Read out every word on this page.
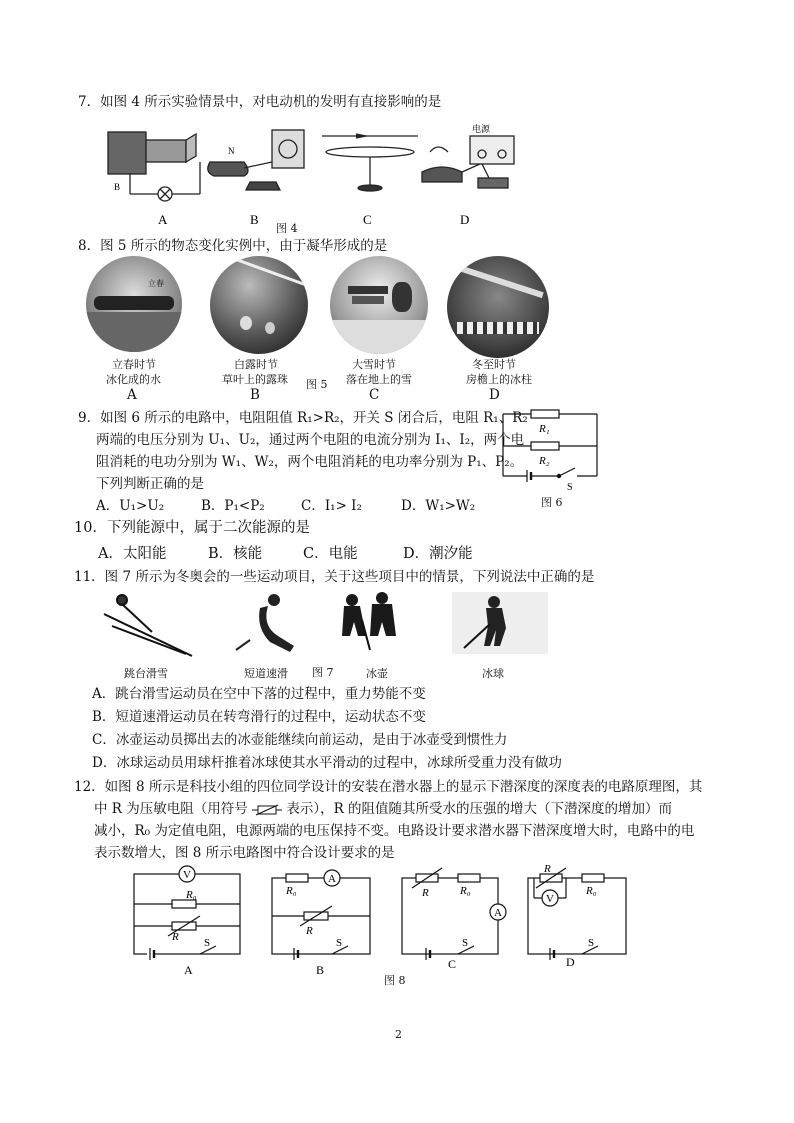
7．如图 4 所示实验情景中，对电动机的发明有直接影响的是
B
A
N
B	C
电源
D
图 4
8．图 5 所示的物态变化实例中，由于凝华形成的是
立春
立春时节
冰化成的水
A
白露时节
草叶上的露珠
B
图 5
大雪时节
落在地上的雪
C
冬至时节
房檐上的冰柱
D
9．如图 6 所示的电路中，电阻阻值 R₁>R₂，开关 S 闭合后，电阻 R₁、R₂
两端的电压分别为 U₁、U₂，通过两个电阻的电流分别为 I₁、I₂，两个电
阻消耗的电功分别为 W₁、W₂，两个电阻消耗的电功率分别为 P₁、P₂。
下列判断正确的是
A．U₁>U₂	B．P₁<P₂	C．I₁> I₂	D．W₁>W₂
R₁
R₂
S
图 6
10．下列能源中，属于二次能源的是
A．太阳能	B．核能	C．电能	D．潮汐能
11．图 7 所示为冬奥会的一些运动项目，关于这些项目中的情景，下列说法中正确的是
跳台滑雪	短道速滑 图 7	冰壶	冰球
A．跳台滑雪运动员在空中下落的过程中，重力势能不变
B．短道速滑运动员在转弯滑行的过程中，运动状态不变
C．冰壶运动员掷出去的冰壶能继续向前运动，是由于冰壶受到惯性力
D．冰球运动员用球杆推着冰球使其水平滑动的过程中，冰球所受重力没有做功
12．如图 8 所示是科技小组的四位同学设计的安装在潜水器上的显示下潜深度的深度表的电路原理图，其
中 R 为压敏电阻（用符号	表示），R 的阻值随其所受水的压强的增大（下潜深度的增加）而
减小，R₀ 为定值电阻，电源两端的电压保持不变。电路设计要求潜水器下潜深度增大时，电路中的电
表示数增大，图 8 所示电路图中符合设计要求的是
V
R₀
R S
A
R₀
A
R
S
B
R	R₀
A
S
C
R
R₀
V
S
D
图 8
2
